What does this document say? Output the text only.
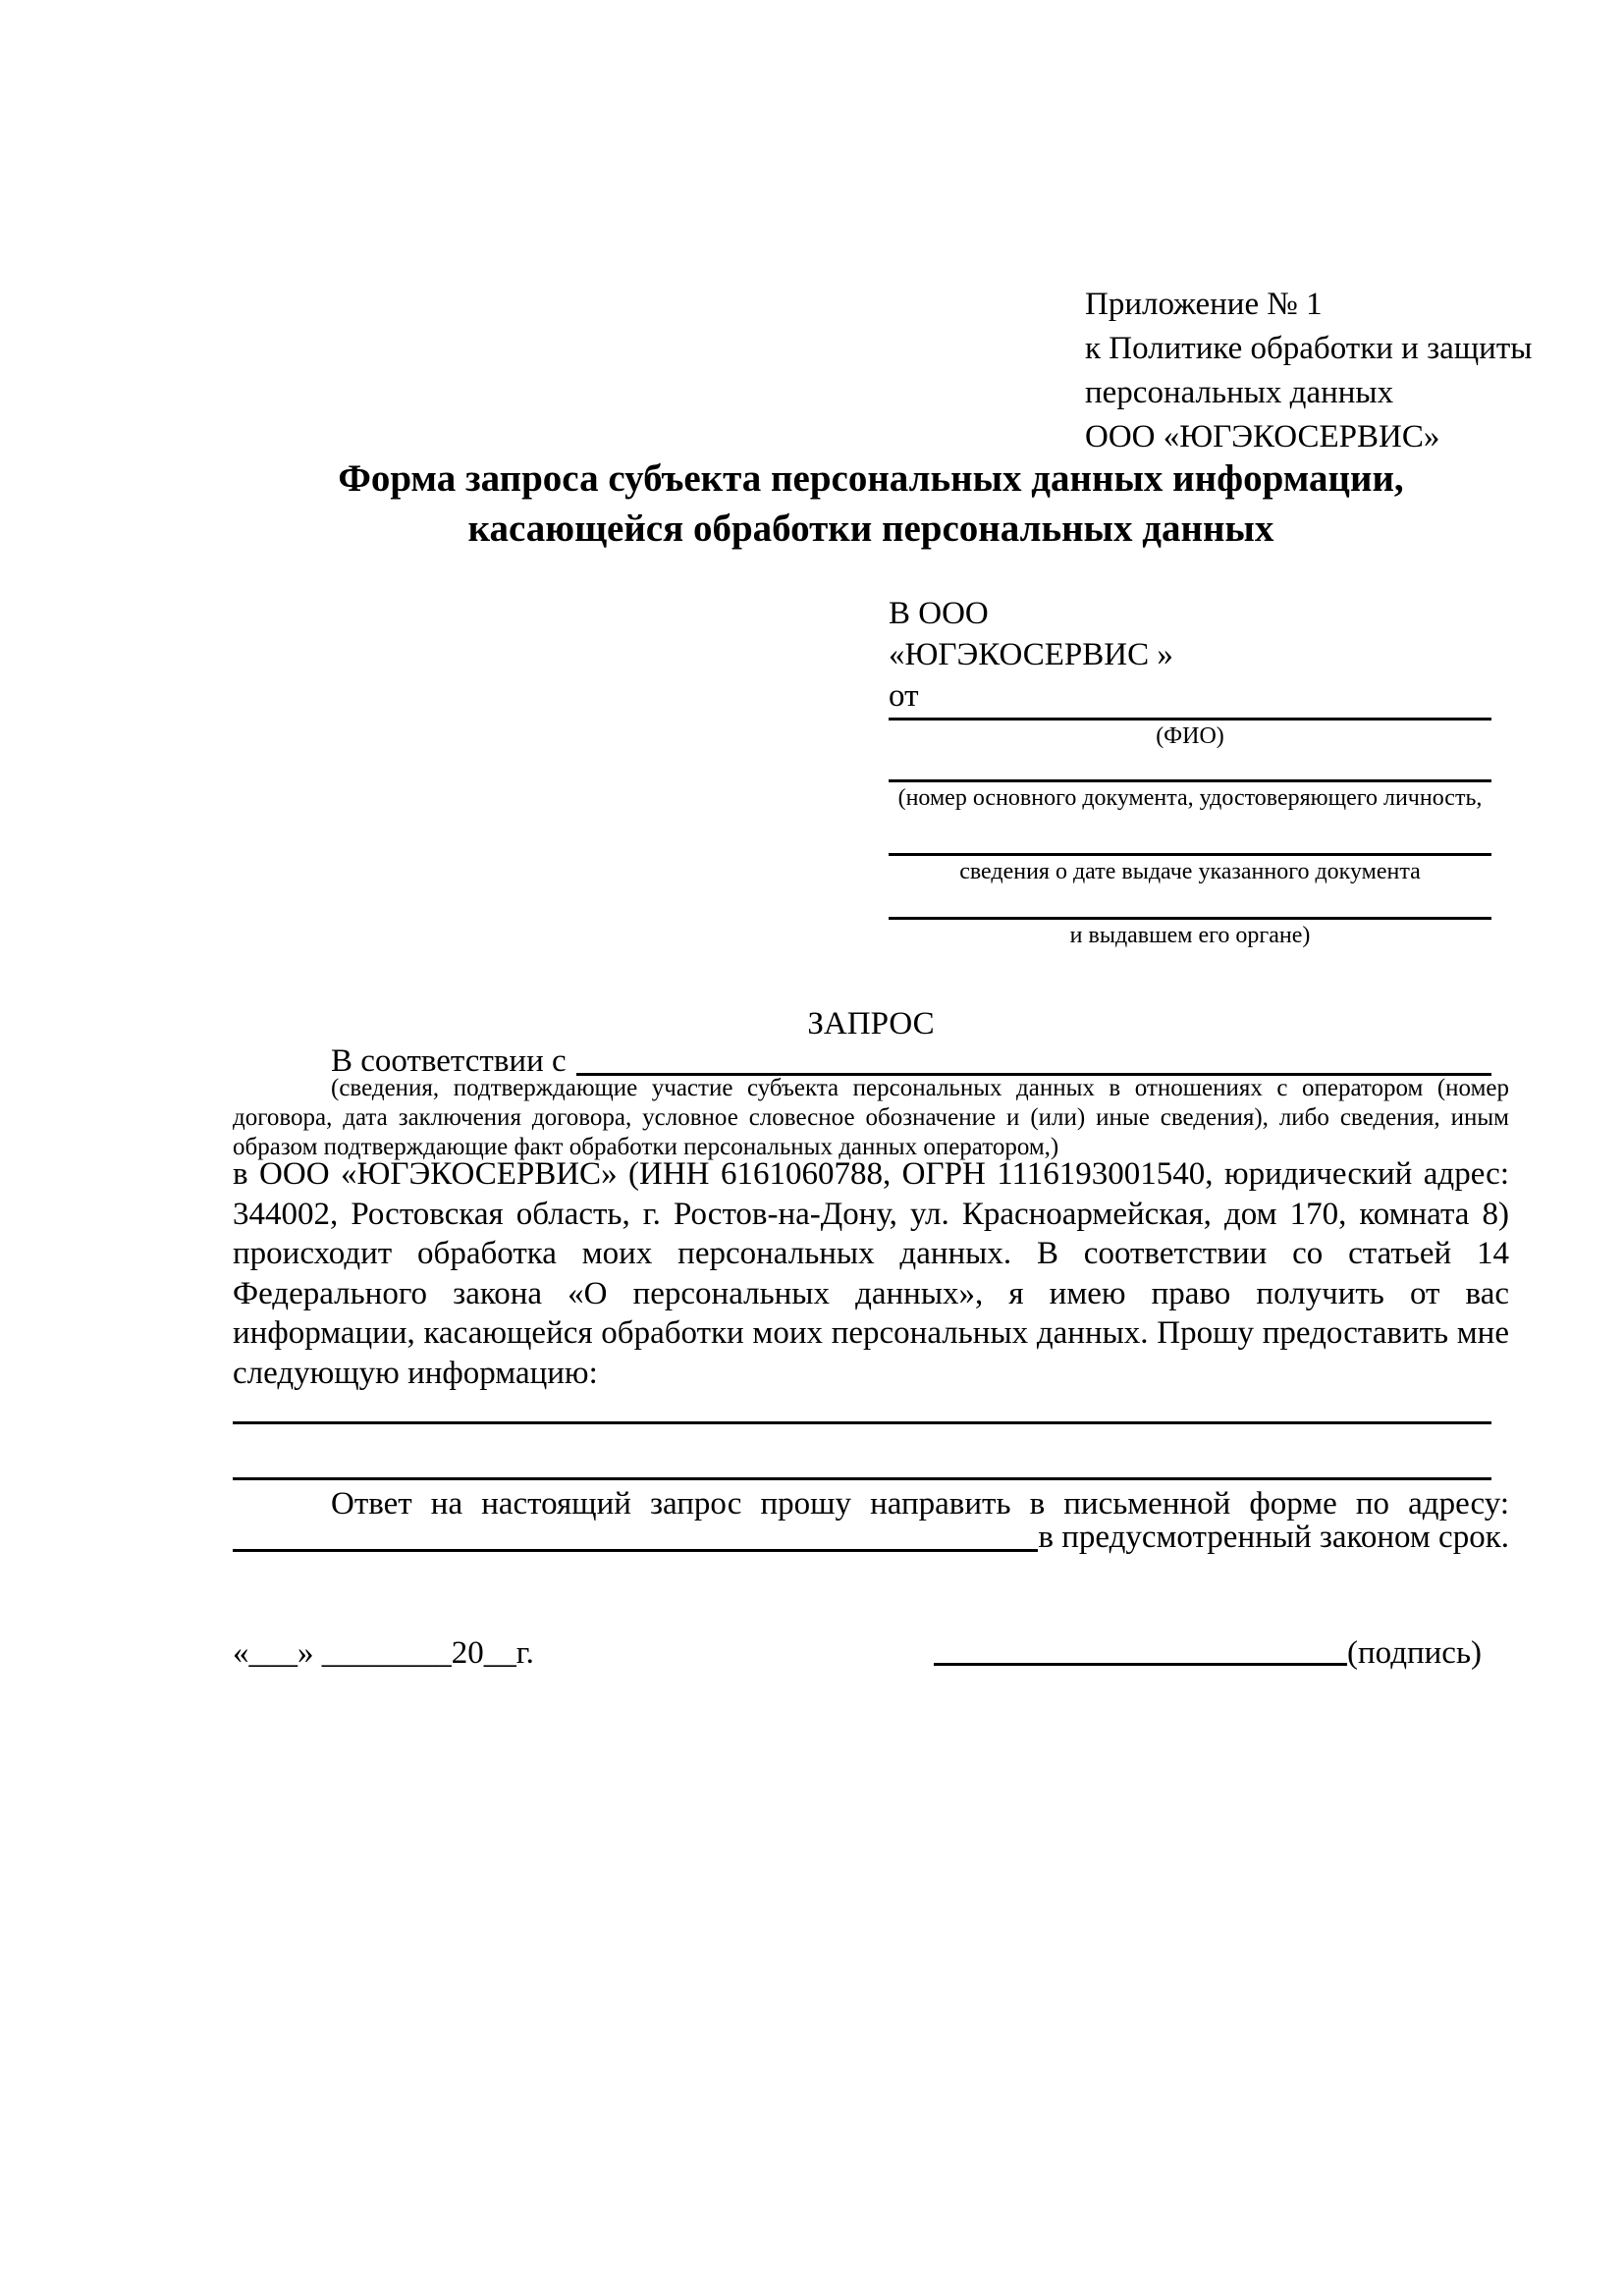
Приложение № 1
к Политике обработки и защиты
персональных данных
ООО «ЮГЭКОСЕРВИС»
Форма запроса субъекта персональных данных информации, касающейся обработки персональных данных
В ООО
«ЮГЭКОСЕРВИС »
от
(ФИО)
(номер основного документа, удостоверяющего личность,
сведения о дате выдаче указанного документа
и выдавшем его органе)
ЗАПРОС
В соответствии с
(сведения, подтверждающие участие субъекта персональных данных в отношениях с оператором (номер договора, дата заключения договора, условное словесное обозначение и (или) иные сведения), либо сведения, иным образом подтверждающие факт обработки персональных данных оператором,)
в ООО «ЮГЭКОСЕРВИС» (ИНН 6161060788, ОГРН 1116193001540, юридический адрес: 344002, Ростовская область, г. Ростов-на-Дону, ул. Красноармейская, дом 170, комната 8) происходит обработка моих персональных данных. В соответствии со статьей 14 Федерального закона «О персональных данных», я имею право получить от вас информации, касающейся обработки моих персональных данных. Прошу предоставить мне следующую информацию:
Ответ на настоящий запрос прошу направить в письменной форме по адресу:
в предусмотренный законом срок.
«___» ________20__г.	(подпись)
